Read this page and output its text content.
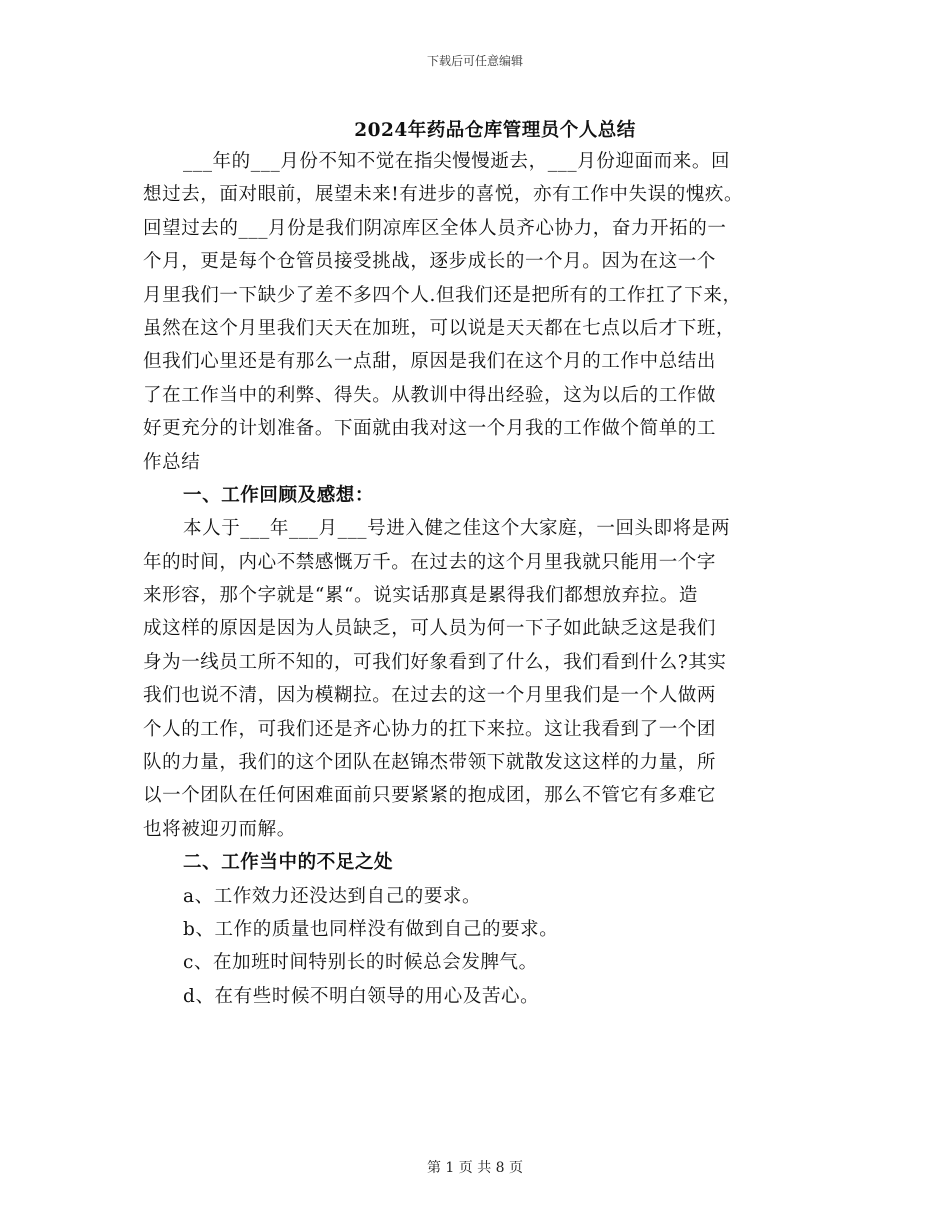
下载后可任意编辑
2024年药品仓库管理员个人总结
___年的___月份不知不觉在指尖慢慢逝去，___月份迎面而来。回
想过去，面对眼前，展望未来!有进步的喜悦，亦有工作中失误的愧疚。
回望过去的___月份是我们阴凉库区全体人员齐心协力，奋力开拓的一
个月，更是每个仓管员接受挑战，逐步成长的一个月。因为在这一个
月里我们一下缺少了差不多四个人.但我们还是把所有的工作扛了下来，
虽然在这个月里我们天天在加班，可以说是天天都在七点以后才下班，
但我们心里还是有那么一点甜，原因是我们在这个月的工作中总结出
了在工作当中的利弊、得失。从教训中得出经验，这为以后的工作做
好更充分的计划准备。下面就由我对这一个月我的工作做个简单的工
作总结
一、工作回顾及感想：
本人于___年___月___号进入健之佳这个大家庭，一回头即将是两
年的时间，内心不禁感慨万千。在过去的这个月里我就只能用一个字
来形容，那个字就是“累“。说实话那真是累得我们都想放弃拉。造
成这样的原因是因为人员缺乏，可人员为何一下子如此缺乏这是我们
身为一线员工所不知的，可我们好象看到了什么，我们看到什么?其实
我们也说不清，因为模糊拉。在过去的这一个月里我们是一个人做两
个人的工作，可我们还是齐心协力的扛下来拉。这让我看到了一个团
队的力量，我们的这个团队在赵锦杰带领下就散发这这样的力量，所
以一个团队在任何困难面前只要紧紧的抱成团，那么不管它有多难它
也将被迎刃而解。
二、工作当中的不足之处
a、工作效力还没达到自己的要求。
b、工作的质量也同样没有做到自己的要求。
c、在加班时间特别长的时候总会发脾气。
d、在有些时候不明白领导的用心及苦心。
第 1 页 共 8 页
